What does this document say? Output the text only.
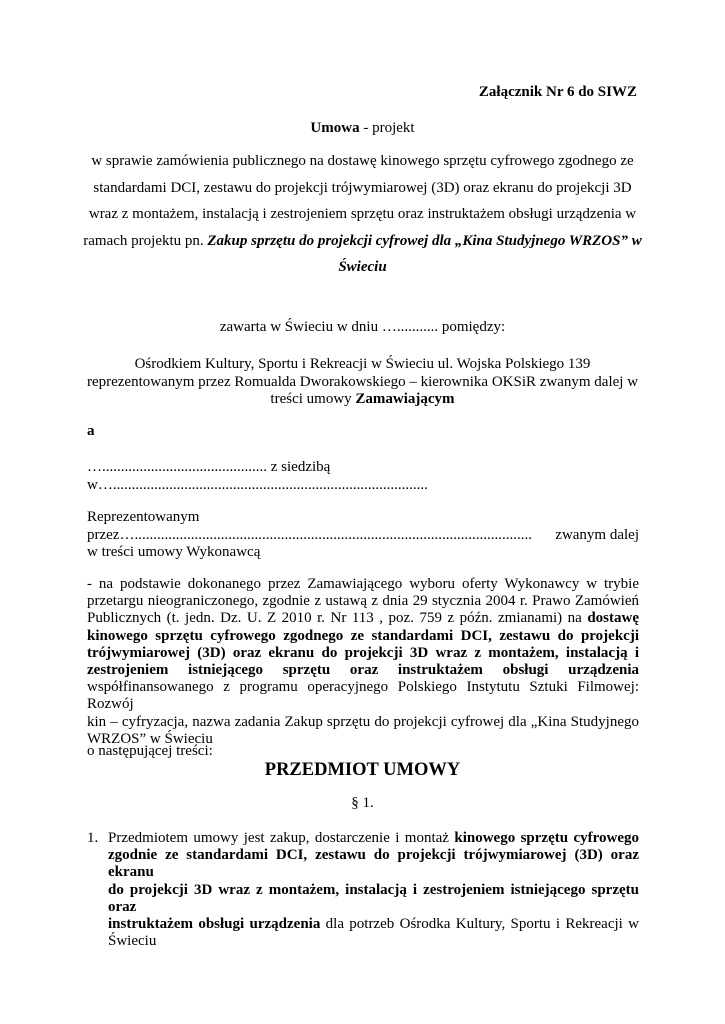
Załącznik Nr 6 do SIWZ
Umowa - projekt
w sprawie zamówienia publicznego na dostawę kinowego sprzętu cyfrowego zgodnego ze
standardami DCI, zestawu do projekcji trójwymiarowej (3D) oraz ekranu do projekcji 3D
wraz z montażem, instalacją i zestrojeniem sprzętu oraz instruktażem obsługi urządzenia w
ramach projektu pn. Zakup sprzętu do projekcji cyfrowej dla „Kina Studyjnego WRZOS” w
Świeciu
zawarta w Świeciu w dniu …........... pomiędzy:
Ośrodkiem Kultury, Sportu i Rekreacji w Świeciu ul. Wojska Polskiego 139
reprezentowanym przez Romualda Dworakowskiego – kierownika OKSiR zwanym dalej w
treści umowy Zamawiającym
a
…............................................ z siedzibą
w…....................................................................................
Reprezentowanym
przez….......................................................................................................... zwanym dalej
w treści umowy Wykonawcą
- na podstawie dokonanego przez Zamawiającego wyboru oferty Wykonawcy w trybie
przetargu nieograniczonego, zgodnie z ustawą z dnia 29 stycznia 2004 r. Prawo Zamówień
Publicznych (t. jedn. Dz. U. Z 2010 r. Nr 113 , poz. 759 z późn. zmianami) na dostawę
kinowego sprzętu cyfrowego zgodnego ze standardami DCI, zestawu do projekcji
trójwymiarowej (3D) oraz ekranu do projekcji 3D wraz z montażem, instalacją i
zestrojeniem istniejącego sprzętu oraz instruktażem obsługi urządzenia
współfinansowanego z programu operacyjnego Polskiego Instytutu Sztuki Filmowej: Rozwój
kin – cyfryzacja, nazwa zadania Zakup sprzętu do projekcji cyfrowej dla „Kina Studyjnego
WRZOS” w Świeciu
o następującej treści:
PRZEDMIOT UMOWY
§ 1.
1. Przedmiotem umowy jest zakup, dostarczenie i montaż kinowego sprzętu cyfrowego
zgodnie ze standardami DCI, zestawu do projekcji trójwymiarowej (3D) oraz ekranu
do projekcji 3D wraz z montażem, instalacją i zestrojeniem istniejącego sprzętu oraz
instruktażem obsługi urządzenia dla potrzeb Ośrodka Kultury, Sportu i Rekreacji w
Świeciu
